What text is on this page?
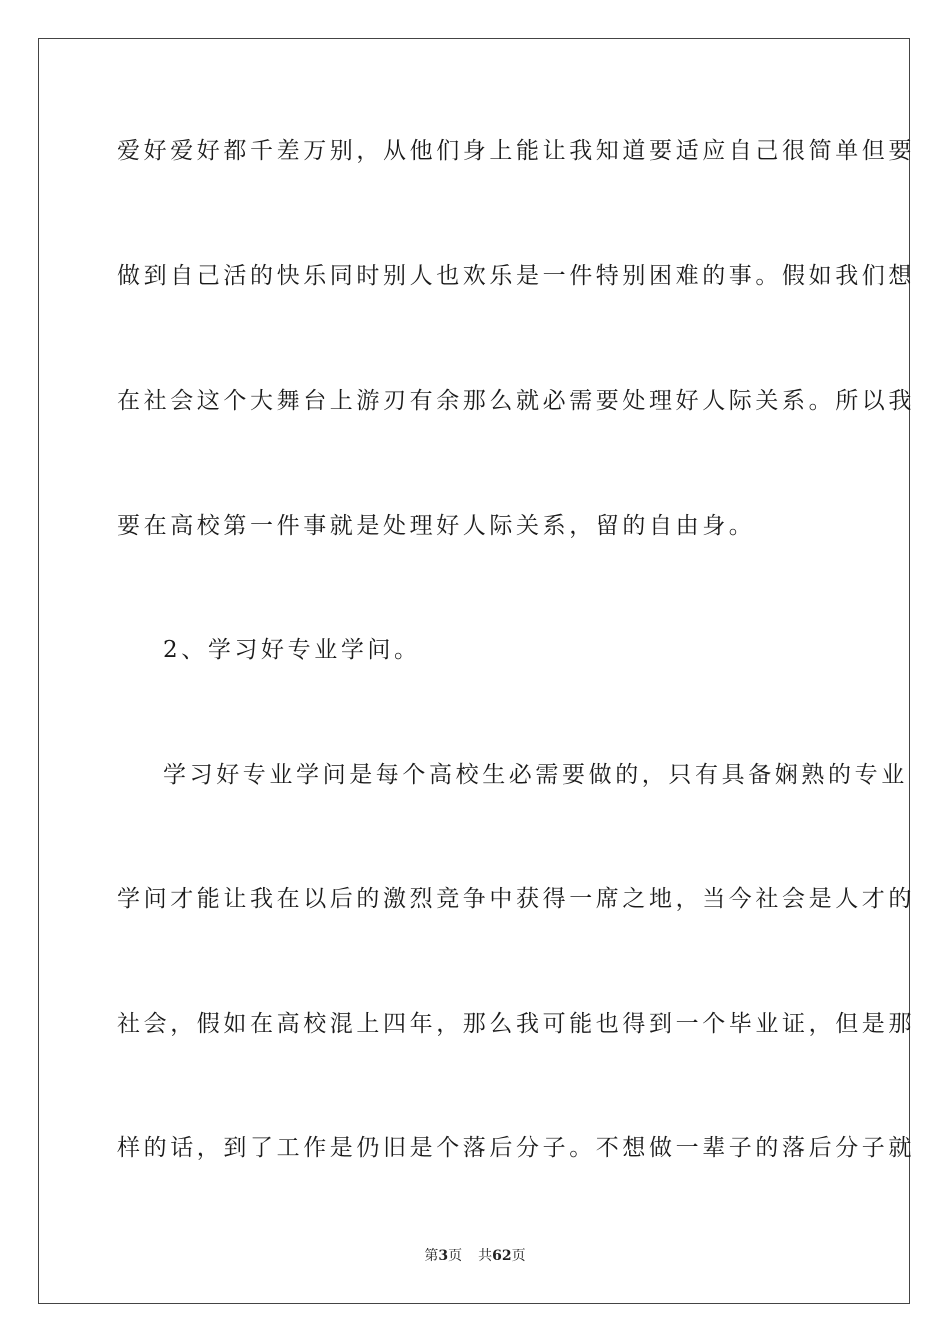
爱好爱好都千差万别，从他们身上能让我知道要适应自己很简单但要
做到自己活的快乐同时别人也欢乐是一件特别困难的事。假如我们想
在社会这个大舞台上游刃有余那么就必需要处理好人际关系。所以我
要在高校第一件事就是处理好人际关系，留的自由身。
2、学习好专业学问。
学习好专业学问是每个高校生必需要做的，只有具备娴熟的专业
学问才能让我在以后的激烈竞争中获得一席之地，当今社会是人才的
社会，假如在高校混上四年，那么我可能也得到一个毕业证，但是那
样的话，到了工作是仍旧是个落后分子。不想做一辈子的落后分子就
第3页 共62页
